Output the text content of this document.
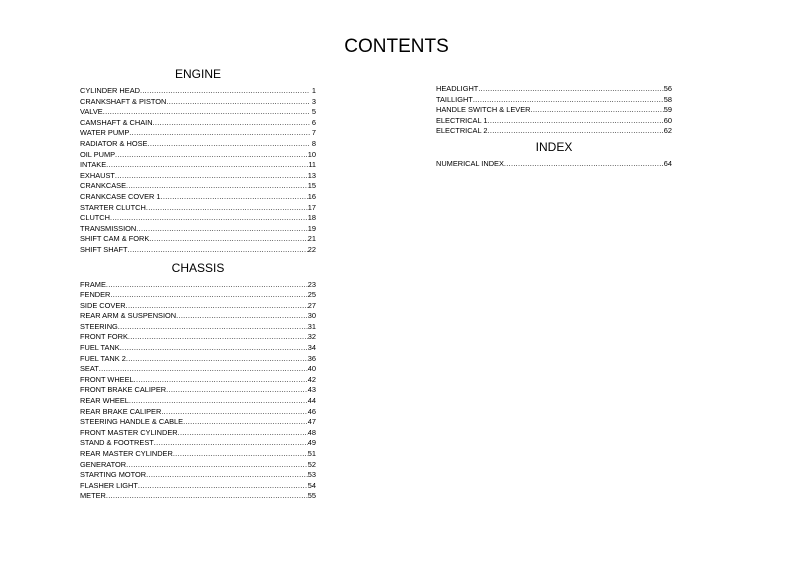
CONTENTS
ENGINE
CYLINDER HEAD .....	1
CRANKSHAFT & PISTON .....	3
VALVE .....	5
CAMSHAFT & CHAIN .....	6
WATER PUMP .....	7
RADIATOR & HOSE .....	8
OIL PUMP .....	10
INTAKE .....	11
EXHAUST .....	13
CRANKCASE .....	15
CRANKCASE COVER 1 .....	16
STARTER CLUTCH .....	17
CLUTCH .....	18
TRANSMISSION .....	19
SHIFT CAM & FORK .....	21
SHIFT SHAFT .....	22
CHASSIS
FRAME .....	23
FENDER .....	25
SIDE COVER .....	27
REAR ARM & SUSPENSION .....	30
STEERING .....	31
FRONT FORK .....	32
FUEL TANK .....	34
FUEL TANK 2 .....	36
SEAT .....	40
FRONT WHEEL .....	42
FRONT BRAKE CALIPER .....	43
REAR WHEEL .....	44
REAR BRAKE CALIPER .....	46
STEERING HANDLE & CABLE .....	47
FRONT MASTER CYLINDER .....	48
STAND & FOOTREST .....	49
REAR MASTER CYLINDER .....	51
GENERATOR .....	52
STARTING MOTOR .....	53
FLASHER LIGHT .....	54
METER .....	55
HEADLIGHT .....	56
TAILLIGHT .....	58
HANDLE SWITCH & LEVER .....	59
ELECTRICAL 1 .....	60
ELECTRICAL 2 .....	62
INDEX
NUMERICAL INDEX .....	64
